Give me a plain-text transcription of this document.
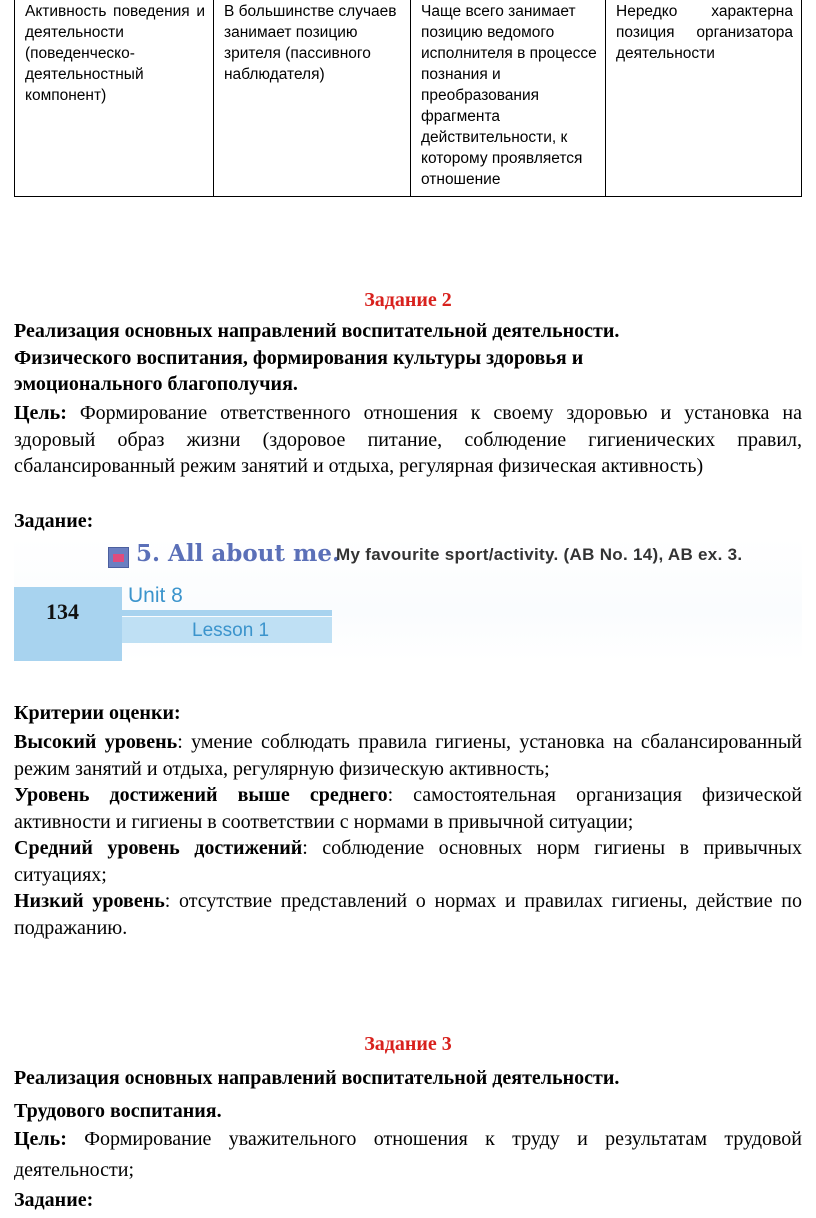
Активность поведения и деятельности (поведенческо-деятельностный компонент)	В большинстве случаев занимает позицию зрителя (пассивного наблюдателя)	Чаще всего занимает позицию ведомого исполнителя в процессе познания и преобразования фрагмента действительности, к которому проявляется отношение	Нередко характерна позиция организатора деятельности
Задание 2

Реализация основных направлений воспитательной деятельности.

Физического воспитания, формирования культуры здоровья и

эмоционального благополучия.

Цель: Формирование ответственного отношения к своему здоровью и установка на здоровый образ жизни (здоровое питание, соблюдение гигиенических правил, сбалансированный режим занятий и отдыха, регулярная физическая активность)
Задание:
5. All about me.
My favourite sport/activity. (AB No. 14), AB ex. 3.
134
Unit 8
Lesson 1
Критерии оценки:

Высокий уровень: умение соблюдать правила гигиены, установка на сбалансированный режим занятий и отдыха, регулярную физическую активность;

Уровень достижений выше среднего: самостоятельная организация физической активности и гигиены в соответствии с нормами в привычной ситуации;

Средний уровень достижений: соблюдение основных норм гигиены в привычных ситуациях;

Низкий уровень: отсутствие представлений о нормах и правилах гигиены, действие по подражанию.

Задание 3

Реализация основных направлений воспитательной деятельности.

Трудового воспитания.

Цель: Формирование уважительного отношения к труду и результатам трудовой деятельности;
Задание:
